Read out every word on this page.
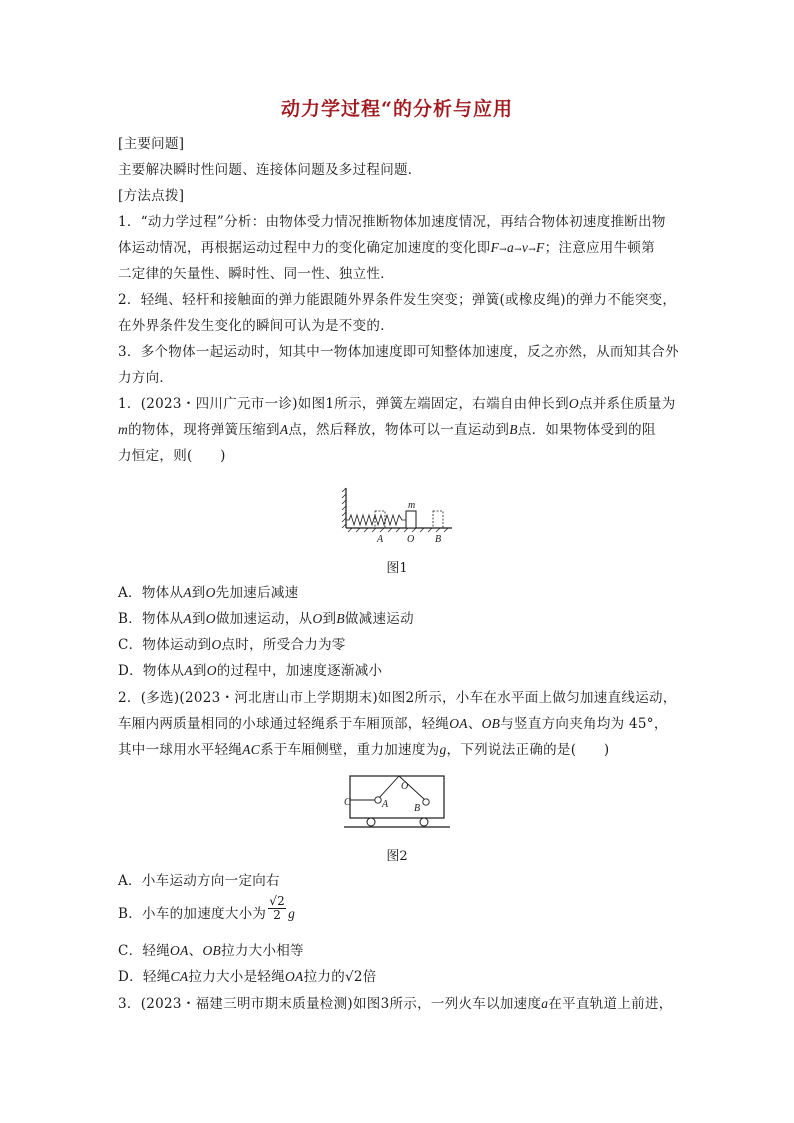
动力学过程“的分析与应用
[主要问题]
主要解决瞬时性问题、连接体问题及多过程问题．
[方法点拨]
1．“动力学过程”分析：由物体受力情况推断物体加速度情况，再结合物体初速度推断出物
体运动情况，再根据运动过程中力的变化确定加速度的变化即F→a→v→F；注意应用牛顿第
二定律的矢量性、瞬时性、同一性、独立性．
2．轻绳、轻杆和接触面的弹力能跟随外界条件发生突变；弹簧(或橡皮绳)的弹力不能突变，
在外界条件发生变化的瞬间可认为是不变的．
3．多个物体一起运动时，知其中一物体加速度即可知整体加速度，反之亦然，从而知其合外
力方向．
1．(2023・四川广元市一诊)如图1所示，弹簧左端固定，右端自由伸长到O点并系住质量为
m的物体，现将弹簧压缩到A点，然后释放，物体可以一直运动到B点．如果物体受到的阻
力恒定，则(　　)
m
A O B
图1
A．物体从A到O先加速后减速
B．物体从A到O做加速运动，从O到B做减速运动
C．物体运动到O点时，所受合力为零
D．物体从A到O的过程中，加速度逐渐减小
2．(多选)(2023・河北唐山市上学期期末)如图2所示，小车在水平面上做匀加速直线运动，
车厢内两质量相同的小球通过轻绳系于车厢顶部，轻绳OA、OB与竖直方向夹角均为 45°，
其中一球用水平轻绳AC系于车厢侧壁，重力加速度为g，下列说法正确的是(　　)
C	A
O
B
图2
A．小车运动方向一定向右
B．小车的加速度大小为 $\frac{√2}{2}$ g
C．轻绳OA、OB拉力大小相等
D．轻绳CA拉力大小是轻绳OA拉力的√2倍
3．(2023・福建三明市期末质量检测)如图3所示，一列火车以加速度a在平直轨道上前进，
